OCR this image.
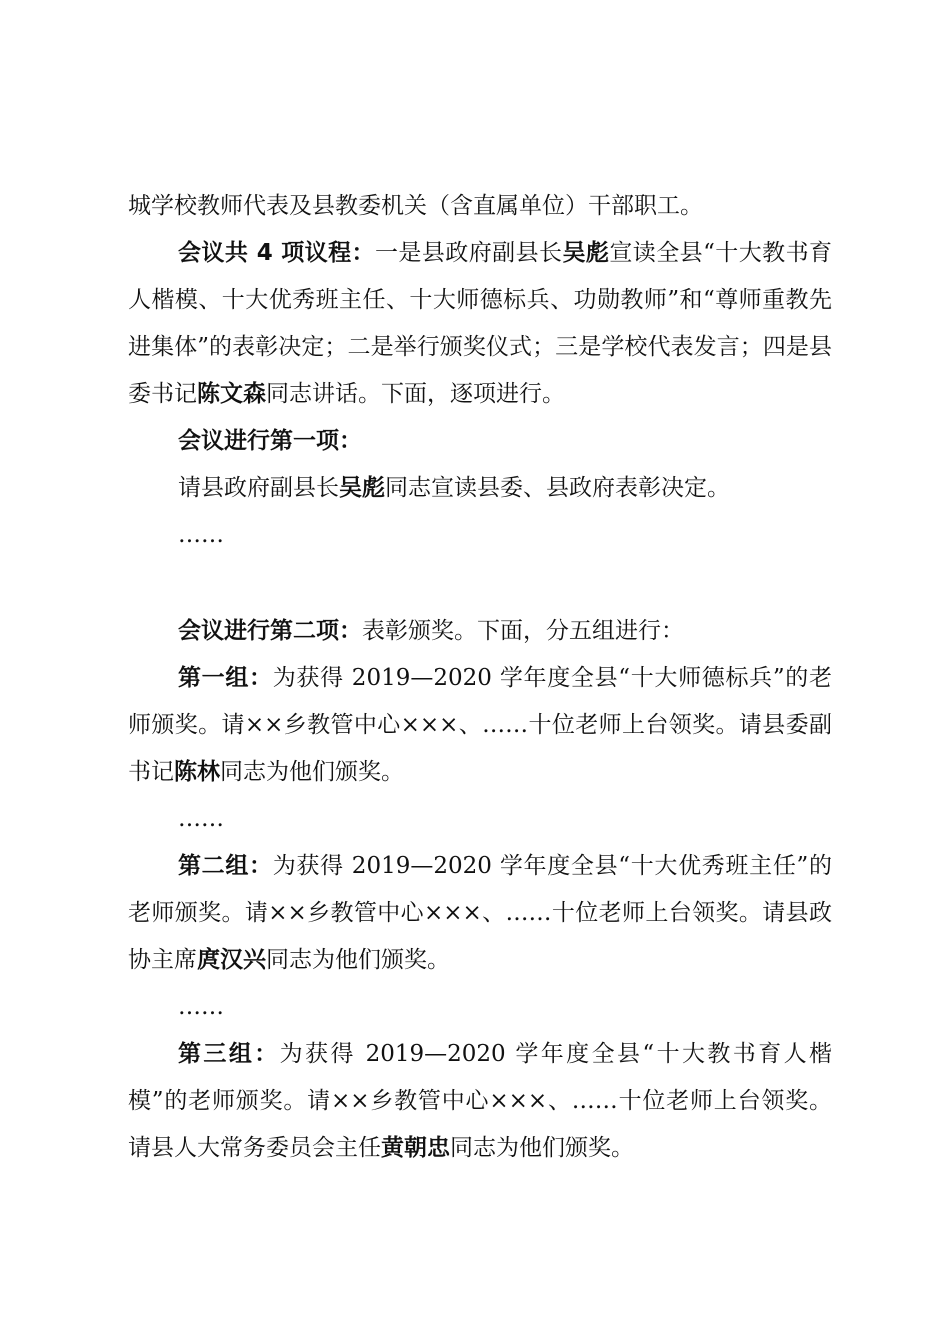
城学校教师代表及县教委机关（含直属单位）干部职工。

会议共 4 项议程：一是县政府副县长吴彪宣读全县“十大教书育人楷模、十大优秀班主任、十大师德标兵、功勋教师”和“尊师重教先进集体”的表彰决定；二是举行颁奖仪式；三是学校代表发言；四是县委书记陈文森同志讲话。下面，逐项进行。

会议进行第一项：

请县政府副县长吴彪同志宣读县委、县政府表彰决定。

……

会议进行第二项：表彰颁奖。下面，分五组进行：

第一组：为获得 2019—2020 学年度全县“十大师德标兵”的老师颁奖。请××乡教管中心×××、……十位老师上台领奖。请县委副书记陈林同志为他们颁奖。

……

第二组：为获得 2019—2020 学年度全县“十大优秀班主任”的老师颁奖。请××乡教管中心×××、……十位老师上台领奖。请县政协主席庹汉兴同志为他们颁奖。

……

第三组：为获得 2019—2020 学年度全县“十大教书育人楷模”的老师颁奖。请××乡教管中心×××、……十位老师上台领奖。请县人大常务委员会主任黄朝忠同志为他们颁奖。
